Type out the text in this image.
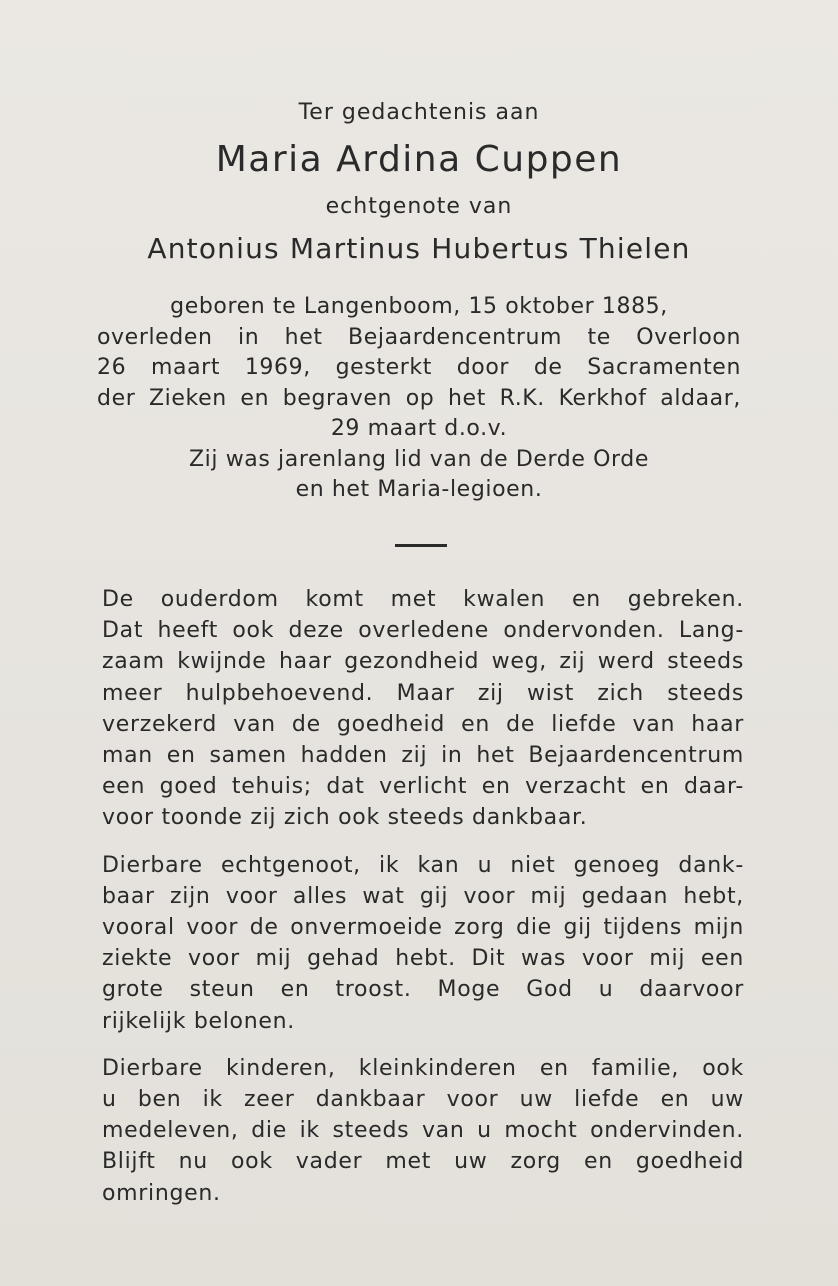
Ter gedachtenis aan
Maria Ardina Cuppen
echtgenote van
Antonius Martinus Hubertus Thielen
geboren te Langenboom, 15 oktober 1885,
overleden in het Bejaardencentrum te Overloon
26 maart 1969, gesterkt door de Sacramenten
der Zieken en begraven op het R.K. Kerkhof aldaar,
29 maart d.o.v.
Zij was jarenlang lid van de Derde Orde
en het Maria-legioen.
De ouderdom komt met kwalen en gebreken.
Dat heeft ook deze overledene ondervonden. Lang-
zaam kwijnde haar gezondheid weg, zij werd steeds
meer hulpbehoevend. Maar zij wist zich steeds
verzekerd van de goedheid en de liefde van haar
man en samen hadden zij in het Bejaardencentrum
een goed tehuis; dat verlicht en verzacht en daar-
voor toonde zij zich ook steeds dankbaar.
Dierbare echtgenoot, ik kan u niet genoeg dank-
baar zijn voor alles wat gij voor mij gedaan hebt,
vooral voor de onvermoeide zorg die gij tijdens mijn
ziekte voor mij gehad hebt. Dit was voor mij een
grote steun en troost. Moge God u daarvoor
rijkelijk belonen.
Dierbare kinderen, kleinkinderen en familie, ook
u ben ik zeer dankbaar voor uw liefde en uw
medeleven, die ik steeds van u mocht ondervinden.
Blijft nu ook vader met uw zorg en goedheid
omringen.
